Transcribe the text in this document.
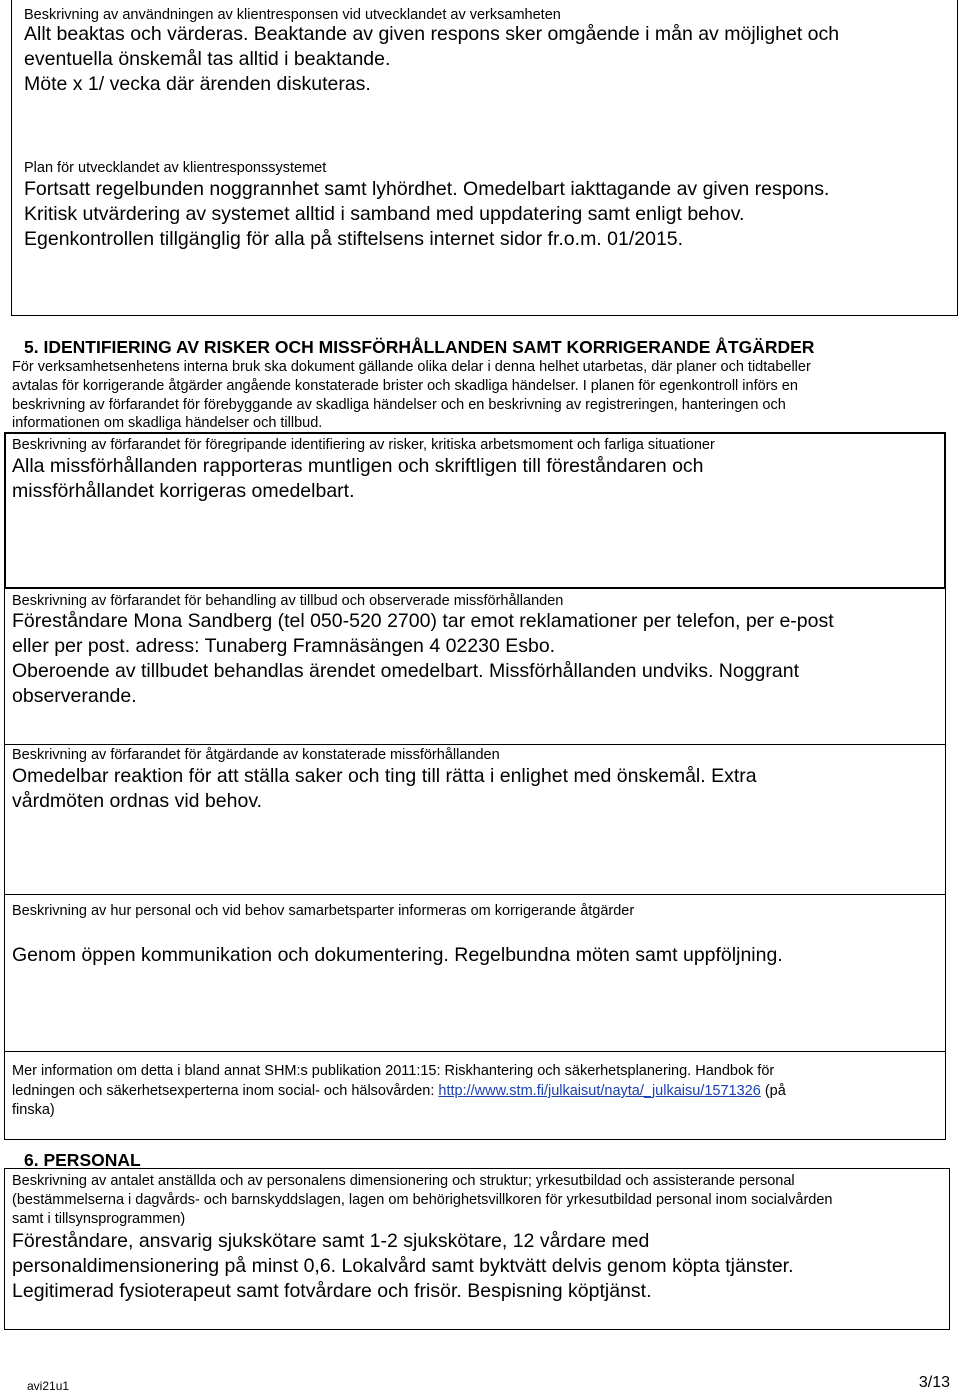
Beskrivning av användningen av klientresponsen vid utvecklandet av verksamheten
Allt beaktas och värderas. Beaktande av given respons sker omgående i mån av möjlighet och
eventuella önskemål tas alltid i beaktande.
Möte x 1/ vecka där ärenden diskuteras.
Plan för utvecklandet av klientresponssystemet
Fortsatt regelbunden noggrannhet samt lyhördhet. Omedelbart iakttagande av given respons.
Kritisk utvärdering av systemet alltid i samband med uppdatering samt enligt behov.
Egenkontrollen tillgänglig för alla på stiftelsens internet sidor fr.o.m. 01/2015.
5. IDENTIFIERING AV RISKER OCH MISSFÖRHÅLLANDEN SAMT KORRIGERANDE ÅTGÄRDER
För verksamhetsenhetens interna bruk ska dokument gällande olika delar i denna helhet utarbetas, där planer och tidtabeller
avtalas för korrigerande åtgärder angående konstaterade brister och skadliga händelser. I planen för egenkontroll införs en
beskrivning av förfarandet för förebyggande av skadliga händelser och en beskrivning av registreringen, hanteringen och
informationen om skadliga händelser och tillbud.
Beskrivning av förfarandet för föregripande identifiering av risker, kritiska arbetsmoment och farliga situationer
Alla missförhållanden rapporteras muntligen och skriftligen till föreståndaren och
missförhållandet korrigeras omedelbart.
Beskrivning av förfarandet för behandling av tillbud och observerade missförhållanden
Föreståndare Mona Sandberg (tel 050-520 2700) tar emot reklamationer per telefon, per e-post
eller per post. adress: Tunaberg Framnäsängen 4 02230 Esbo.
Oberoende av tillbudet behandlas ärendet omedelbart. Missförhållanden undviks. Noggrant
observerande.
Beskrivning av förfarandet för åtgärdande av konstaterade missförhållanden
Omedelbar reaktion för att ställa saker och ting till rätta i enlighet med önskemål. Extra
vårdmöten ordnas vid behov.
Beskrivning av hur personal och vid behov samarbetsparter informeras om korrigerande åtgärder
Genom öppen kommunikation och dokumentering. Regelbundna möten samt uppföljning.
Mer information om detta i bland annat SHM:s publikation 2011:15: Riskhantering och säkerhetsplanering. Handbok för
ledningen och säkerhetsexperterna inom social- och hälsovården: http://www.stm.fi/julkaisut/nayta/_julkaisu/1571326 (på
finska)
6. PERSONAL
Beskrivning av antalet anställda och av personalens dimensionering och struktur; yrkesutbildad och assisterande personal
(bestämmelserna i dagvårds- och barnskyddslagen, lagen om behörighetsvillkoren för yrkesutbildad personal inom socialvården
samt i tillsynsprogrammen)
Föreståndare, ansvarig sjukskötare samt 1-2 sjukskötare, 12 vårdare med
personaldimensionering på minst 0,6. Lokalvård samt byktvätt delvis genom köpta tjänster.
Legitimerad fysioterapeut samt fotvårdare och frisör. Bespisning köptjänst.
avi21u1	3/13
